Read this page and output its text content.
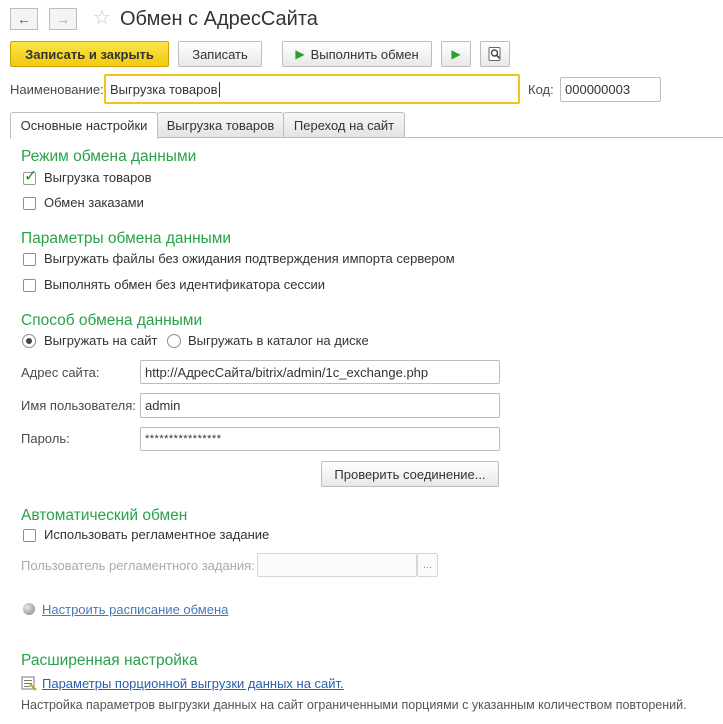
← → ☆ Обмен с АдресСайта
Записать и закрыть	Записать	▶ Выполнить обмен	▶
Наименование: Выгрузка товаров	Код: 000000003
Основные настройки	Выгрузка товаров	Переход на сайт
Режим обмена данными
✓ Выгрузка товаров
Обмен заказами
Параметры обмена данными
Выгружать файлы без ожидания подтверждения импорта сервером
Выполнять обмен без идентификатора сессии
Способ обмена данными
Выгружать на сайт Выгружать в каталог на диске
Адрес сайта:	http://АдресСайта/bitrix/admin/1c_exchange.php
Имя пользователя: admin
Пароль:	****************
Проверить соединение...
Автоматический обмен
Использовать регламентное задание
Пользователь регламентного задания:	...
Настроить расписание обмена
Расширенная настройка
Параметры порционной выгрузки данных на сайт.
Настройка параметров выгрузки данных на сайт ограниченными порциями с указанным количеством повторений.
